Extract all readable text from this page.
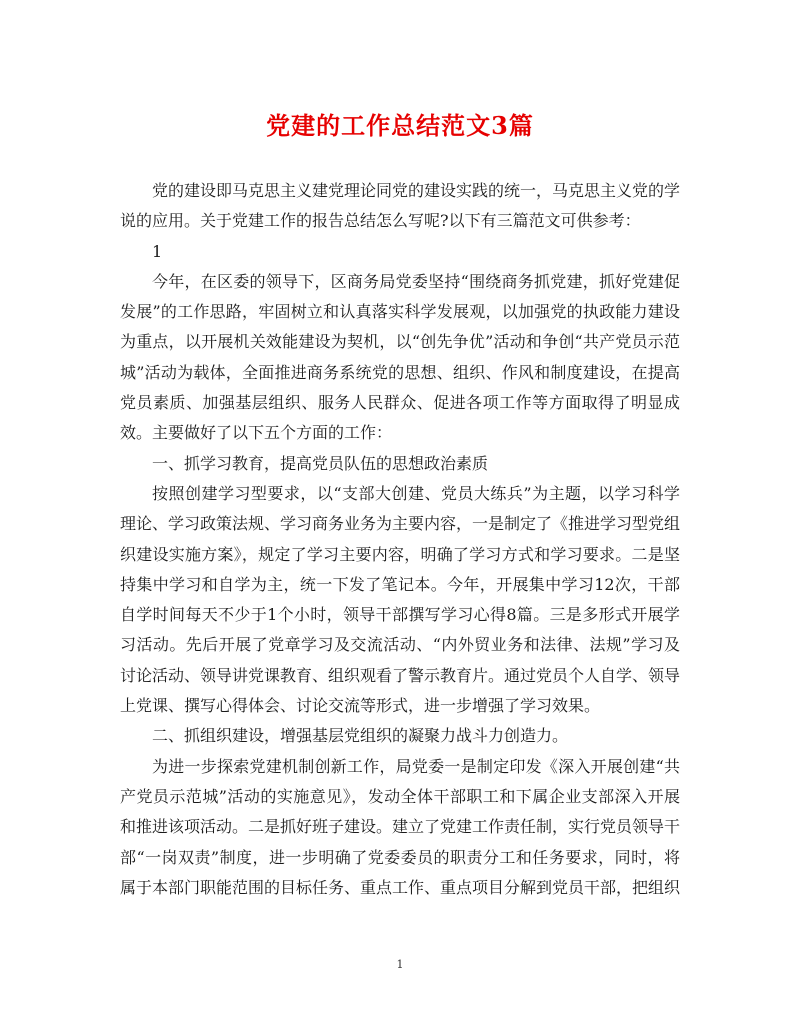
党建的工作总结范文3篇

党的建设即马克思主义建党理论同党的建设实践的统一，马克思主义党的学说的应用。关于党建工作的报告总结怎么写呢?以下有三篇范文可供参考：

1

今年，在区委的领导下，区商务局党委坚持“围绕商务抓党建，抓好党建促发展”的工作思路，牢固树立和认真落实科学发展观，以加强党的执政能力建设为重点，以开展机关效能建设为契机，以“创先争优”活动和争创“共产党员示范城”活动为载体，全面推进商务系统党的思想、组织、作风和制度建设，在提高党员素质、加强基层组织、服务人民群众、促进各项工作等方面取得了明显成效。主要做好了以下五个方面的工作：

一、抓学习教育，提高党员队伍的思想政治素质

按照创建学习型要求，以“支部大创建、党员大练兵”为主题，以学习科学理论、学习政策法规、学习商务业务为主要内容，一是制定了《推进学习型党组织建设实施方案》，规定了学习主要内容，明确了学习方式和学习要求。二是坚持集中学习和自学为主，统一下发了笔记本。今年，开展集中学习12次，干部自学时间每天不少于1个小时，领导干部撰写学习心得8篇。三是多形式开展学习活动。先后开展了党章学习及交流活动、“内外贸业务和法律、法规”学习及讨论活动、领导讲党课教育、组织观看了警示教育片。通过党员个人自学、领导上党课、撰写心得体会、讨论交流等形式，进一步增强了学习效果。

二、抓组织建设，增强基层党组织的凝聚力战斗力创造力。

为进一步探索党建机制创新工作，局党委一是制定印发《深入开展创建“共产党员示范城”活动的实施意见》，发动全体干部职工和下属企业支部深入开展和推进该项活动。二是抓好班子建设。建立了党建工作责任制，实行党员领导干部“一岗双责”制度，进一步明确了党委委员的职责分工和任务要求，同时，将属于本部门职能范围的目标任务、重点工作、重点项目分解到党员干部，把组织

1
